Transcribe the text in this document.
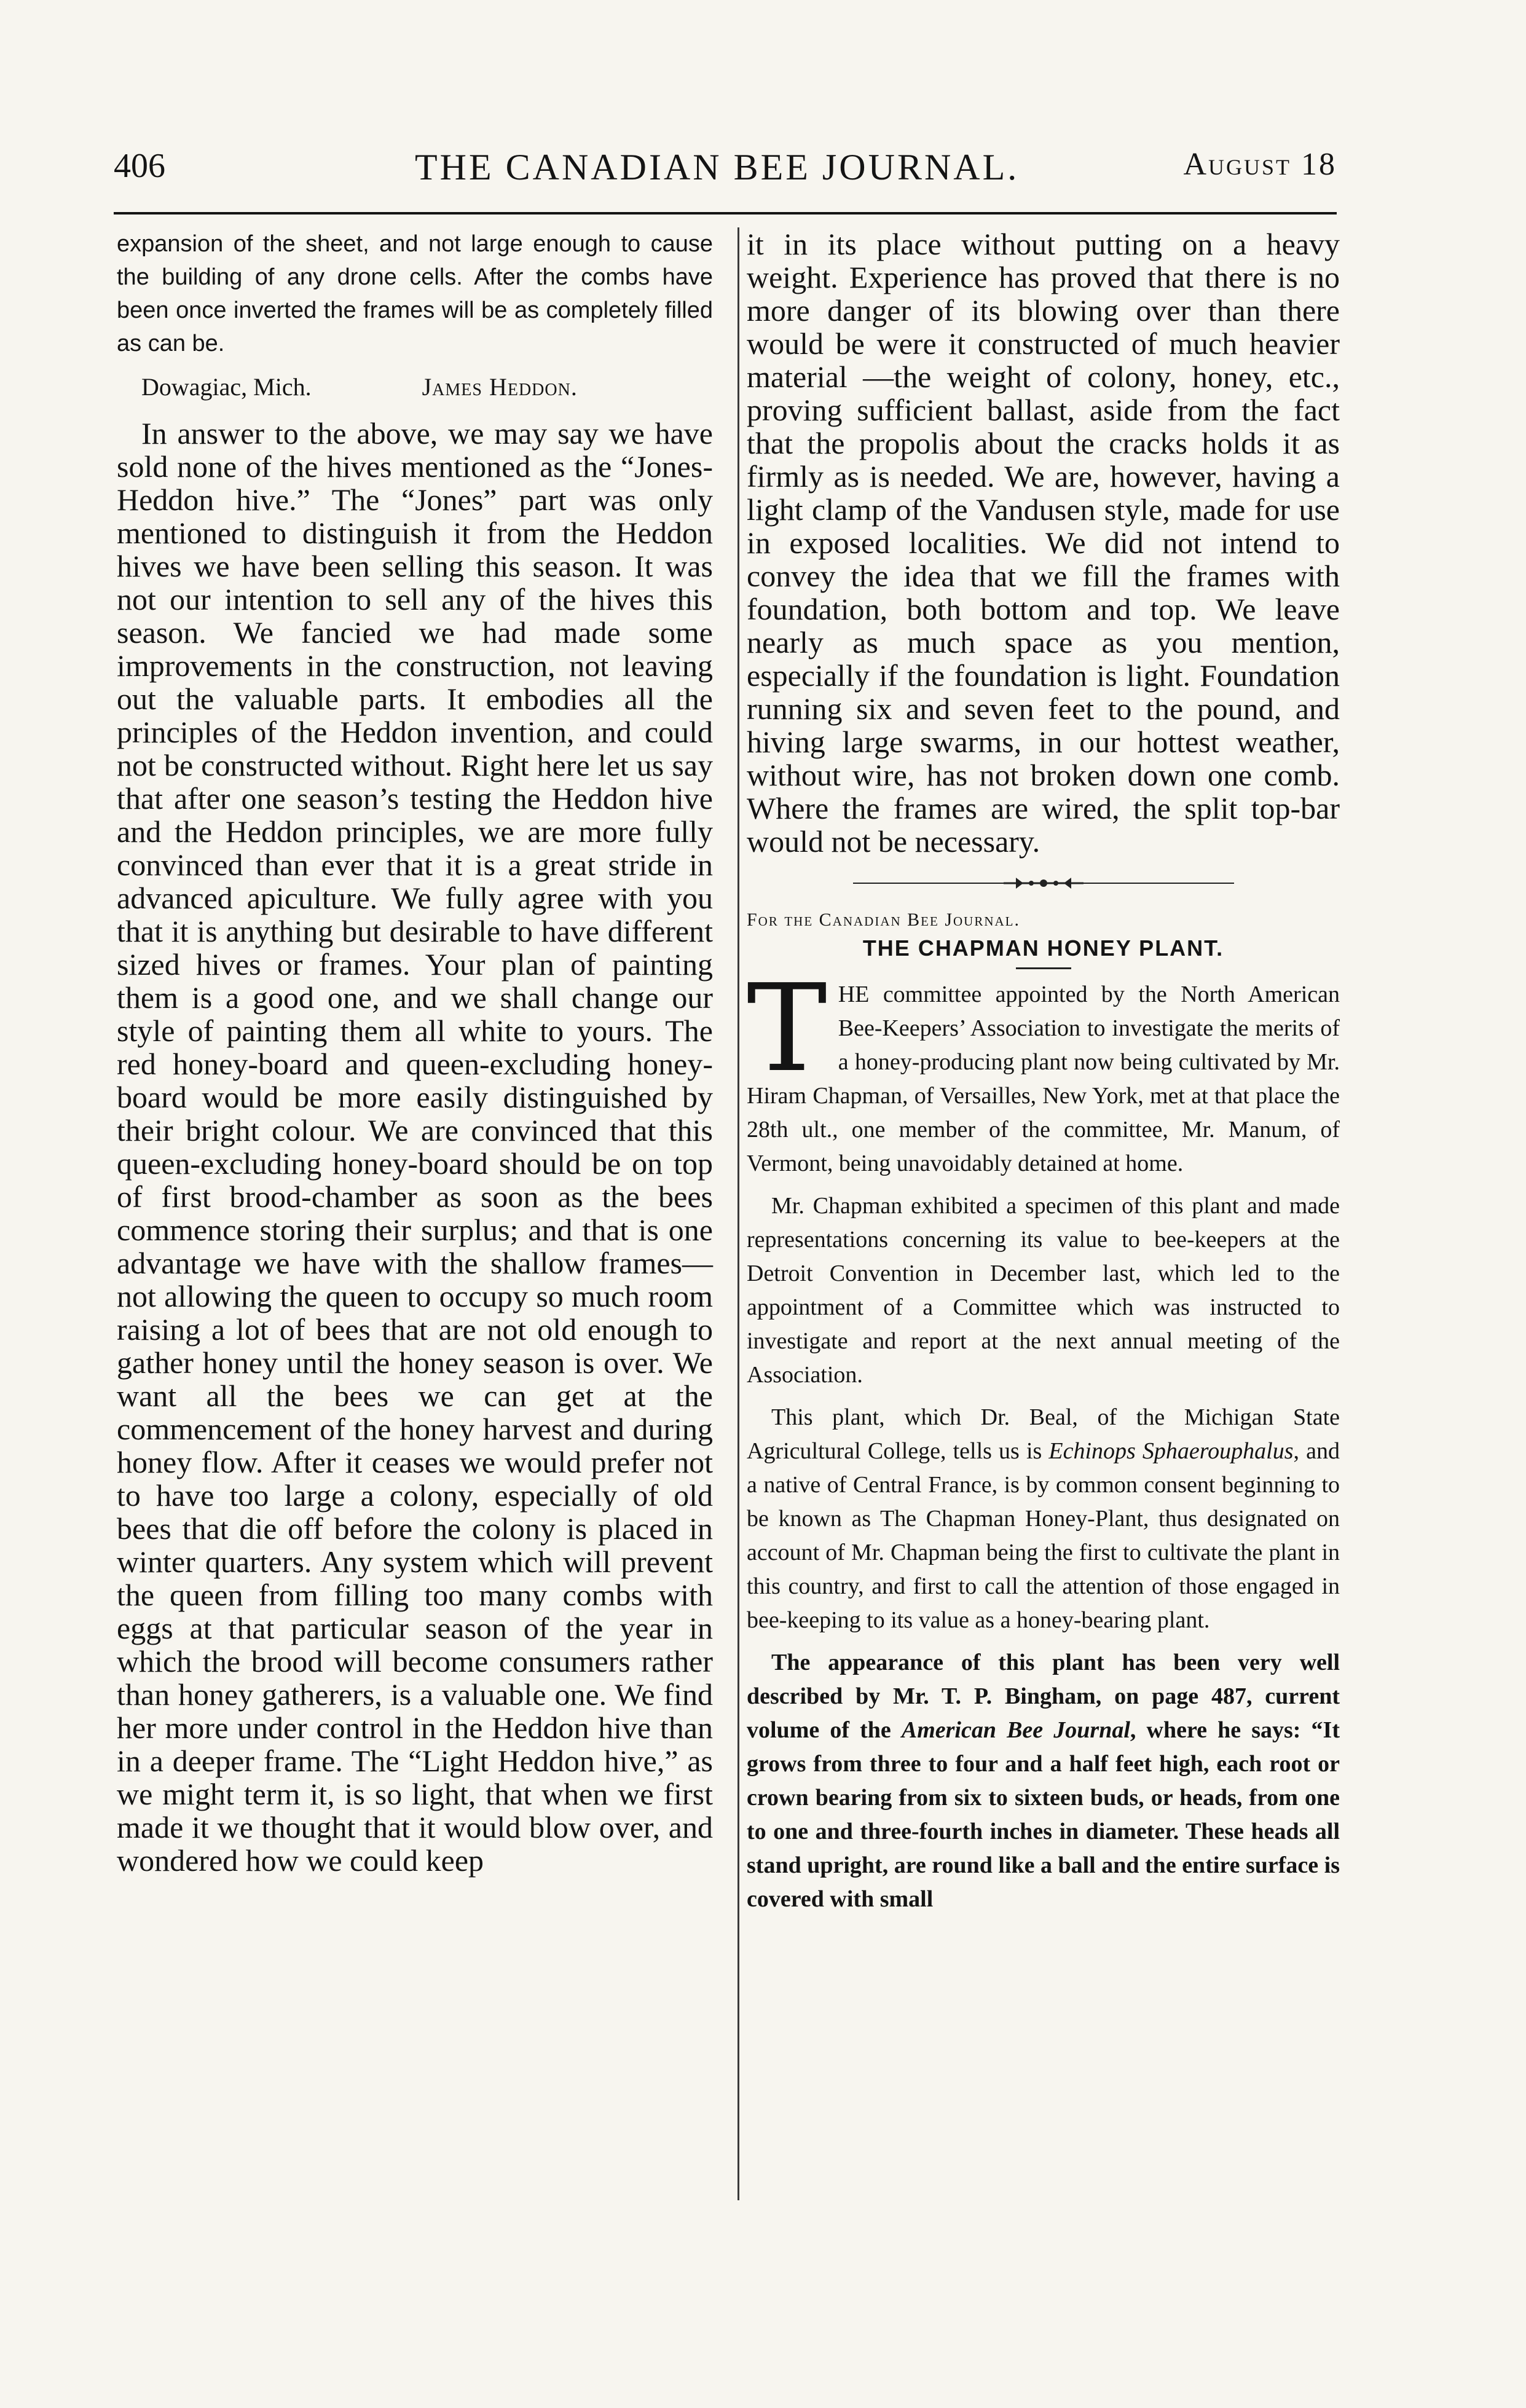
406	THE CANADIAN BEE JOURNAL.	August 18

expansion of the sheet, and not large enough to cause the building of any drone cells. After the combs have been once inverted the frames will be as completely filled as can be.

Dowagiac, Mich.	James Heddon.

In answer to the above, we may say we have sold none of the hives mentioned as the “Jones-Heddon hive.” The “Jones” part was only mentioned to distinguish it from the Heddon hives we have been selling this season. It was not our intention to sell any of the hives this season. We fancied we had made some improvements in the construction, not leaving out the valuable parts. It embodies all the principles of the Heddon invention, and could not be constructed without. Right here let us say that after one season’s testing the Heddon hive and the Heddon principles, we are more fully convinced than ever that it is a great stride in advanced apiculture. We fully agree with you that it is anything but desirable to have different sized hives or frames. Your plan of painting them is a good one, and we shall change our style of painting them all white to yours. The red honey-board and queen-excluding honey-board would be more easily distinguished by their bright colour. We are convinced that this queen-excluding honey-board should be on top of first brood-chamber as soon as the bees commence storing their surplus; and that is one advantage we have with the shallow frames—not allowing the queen to occupy so much room raising a lot of bees that are not old enough to gather honey until the honey season is over. We want all the bees we can get at the commencement of the honey harvest and during honey flow. After it ceases we would prefer not to have too large a colony, especially of old bees that die off before the colony is placed in winter quarters. Any system which will prevent the queen from filling too many combs with eggs at that particular season of the year in which the brood will become consumers rather than honey gatherers, is a valuable one. We find her more under control in the Heddon hive than in a deeper frame. The “Light Heddon hive,” as we might term it, is so light, that when we first made it we thought that it would blow over, and wondered how we could keep

it in its place without putting on a heavy weight. Experience has proved that there is no more danger of its blowing over than there would be were it constructed of much heavier material —the weight of colony, honey, etc., proving sufficient ballast, aside from the fact that the propolis about the cracks holds it as firmly as is needed. We are, however, having a light clamp of the Vandusen style, made for use in exposed localities. We did not intend to convey the idea that we fill the frames with foundation, both bottom and top. We leave nearly as much space as you mention, especially if the foundation is light. Foundation running six and seven feet to the pound, and hiving large swarms, in our hottest weather, without wire, has not broken down one comb. Where the frames are wired, the split top-bar would not be necessary.

For the Canadian Bee Journal.
THE CHAPMAN HONEY PLANT.

THE committee appointed by the North American Bee-Keepers’ Association to investigate the merits of a honey-producing plant now being cultivated by Mr. Hiram Chapman, of Versailles, New York, met at that place the 28th ult., one member of the committee, Mr. Manum, of Vermont, being unavoidably detained at home.

Mr. Chapman exhibited a specimen of this plant and made representations concerning its value to bee-keepers at the Detroit Convention in December last, which led to the appointment of a Committee which was instructed to investigate and report at the next annual meeting of the Association.

This plant, which Dr. Beal, of the Michigan State Agricultural College, tells us is Echinops Sphaerouphalus, and a native of Central France, is by common consent beginning to be known as The Chapman Honey-Plant, thus designated on account of Mr. Chapman being the first to cultivate the plant in this country, and first to call the attention of those engaged in bee-keeping to its value as a honey-bearing plant.

The appearance of this plant has been very well described by Mr. T. P. Bingham, on page 487, current volume of the American Bee Journal, where he says: “It grows from three to four and a half feet high, each root or crown bearing from six to sixteen buds, or heads, from one to one and three-fourth inches in diameter. These heads all stand upright, are round like a ball and the entire surface is covered with small
